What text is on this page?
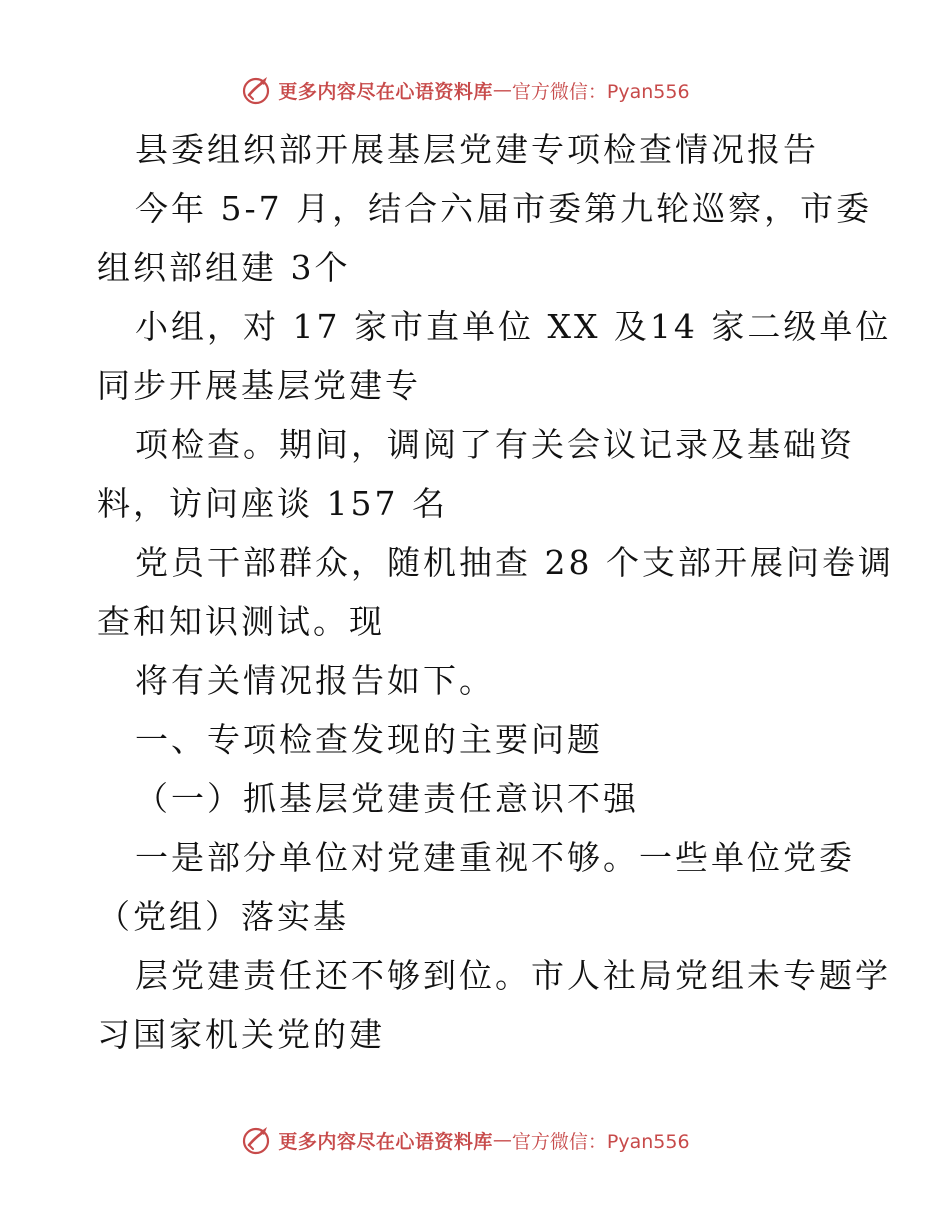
更多内容尽在心语资料库 — 官方微信：Pyan556
县委组织部开展基层党建专项检查情况报告
今年 5-7 月，结合六届市委第九轮巡察，市委
组织部组建 3个
小组，对 17 家市直单位 XX 及14 家二级单位
同步开展基层党建专
项检查。期间，调阅了有关会议记录及基础资
料，访问座谈 157 名
党员干部群众，随机抽查 28 个支部开展问卷调
查和知识测试。现
将有关情况报告如下。
一、专项检查发现的主要问题
（一）抓基层党建责任意识不强
一是部分单位对党建重视不够。一些单位党委
（党组）落实基
层党建责任还不够到位。市人社局党组未专题学
习国家机关党的建
更多内容尽在心语资料库 — 官方微信：Pyan556
